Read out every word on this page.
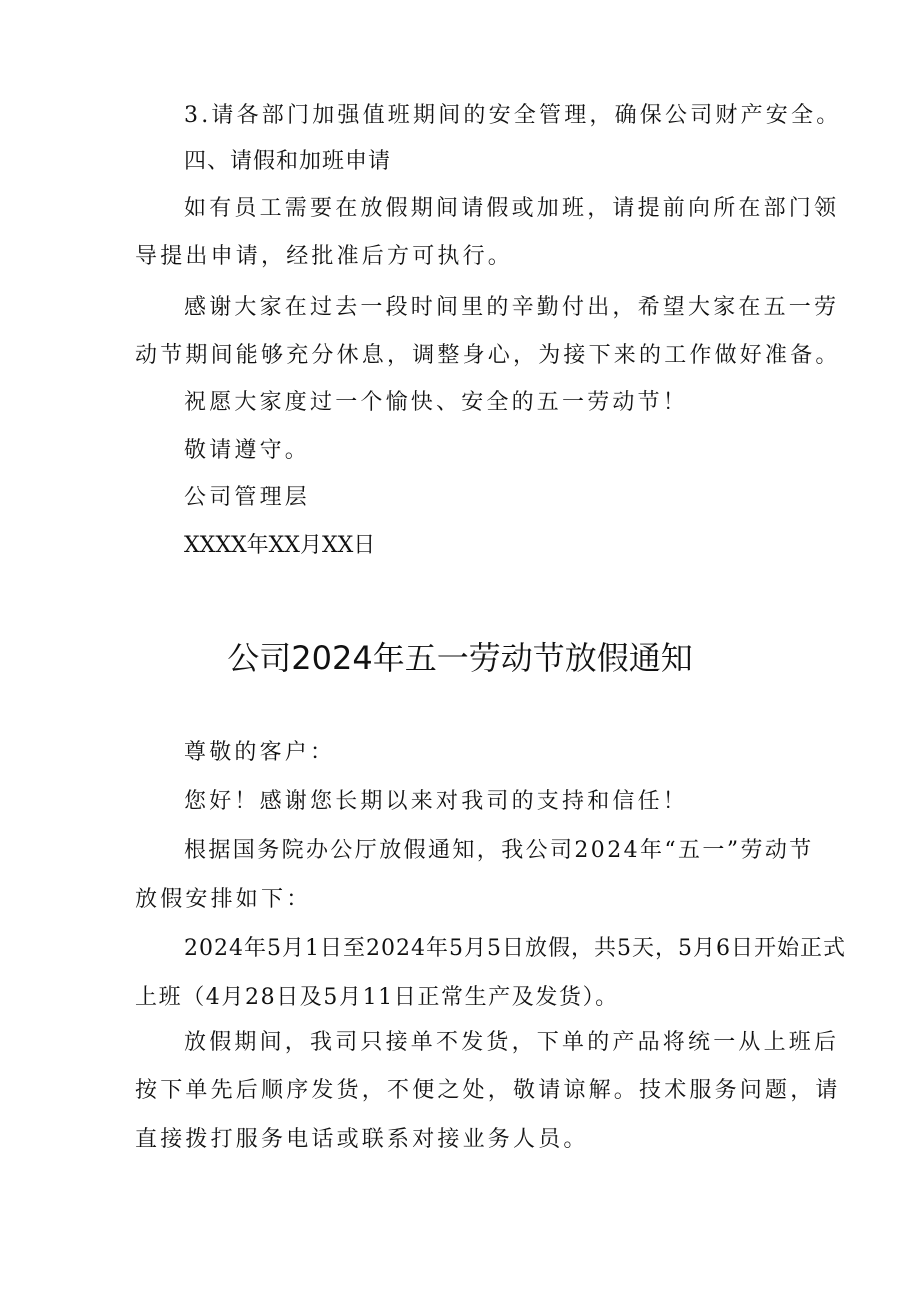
3.请各部门加强值班期间的安全管理，确保公司财产安全。
四、请假和加班申请
如有员工需要在放假期间请假或加班，请提前向所在部门领
导提出申请，经批准后方可执行。
感谢大家在过去一段时间里的辛勤付出，希望大家在五一劳
动节期间能够充分休息，调整身心，为接下来的工作做好准备。
祝愿大家度过一个愉快、安全的五一劳动节！
敬请遵守。
公司管理层
XXXX年XX月XX日
公司2024年五一劳动节放假通知
尊敬的客户：
您好！感谢您长期以来对我司的支持和信任！
根据国务院办公厅放假通知，我公司2024年“五一”劳动节
放假安排如下：
2024年5月1日至2024年5月5日放假，共5天，5月6日开始正式
上班（4月28日及5月11日正常生产及发货）。
放假期间，我司只接单不发货，下单的产品将统一从上班后
按下单先后顺序发货，不便之处，敬请谅解。技术服务问题，请
直接拨打服务电话或联系对接业务人员。
